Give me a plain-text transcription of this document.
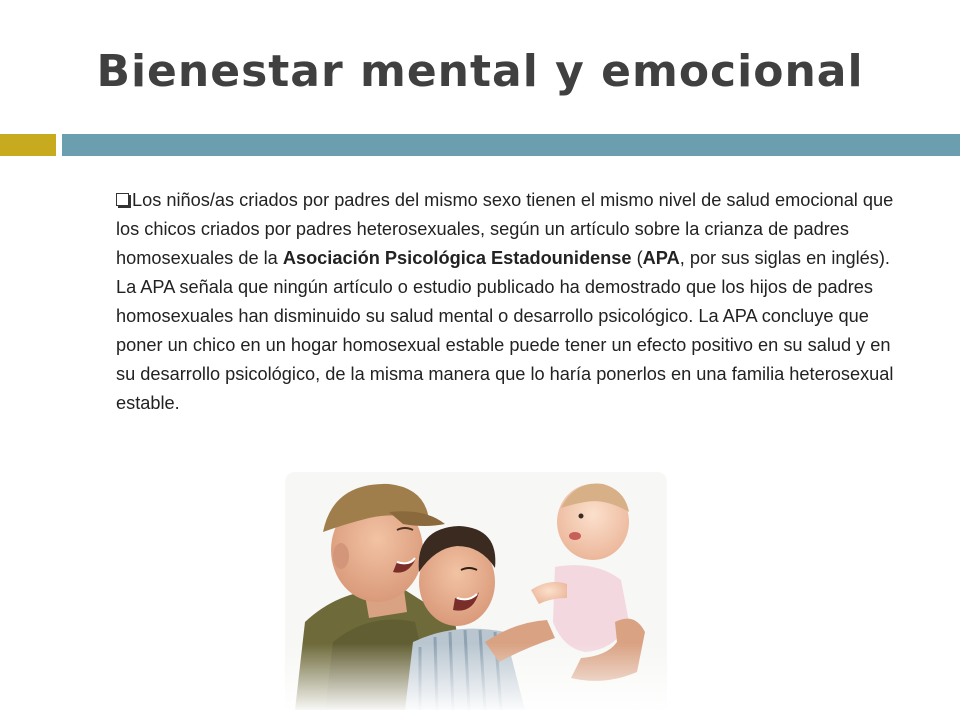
Bienestar mental y emocional
Los niños/as criados por padres del mismo sexo tienen el mismo nivel de salud emocional que los chicos criados por padres heterosexuales, según un artículo sobre la crianza de padres homosexuales de la Asociación Psicológica Estadounidense (APA, por sus siglas en inglés). La APA señala que ningún artículo o estudio publicado ha demostrado que los hijos de padres homosexuales han disminuido su salud mental o desarrollo psicológico. La APA concluye que poner un chico en un hogar homosexual estable puede tener un efecto positivo en su salud y en su desarrollo psicológico, de la misma manera que lo haría ponerlos en una familia heterosexual estable.
